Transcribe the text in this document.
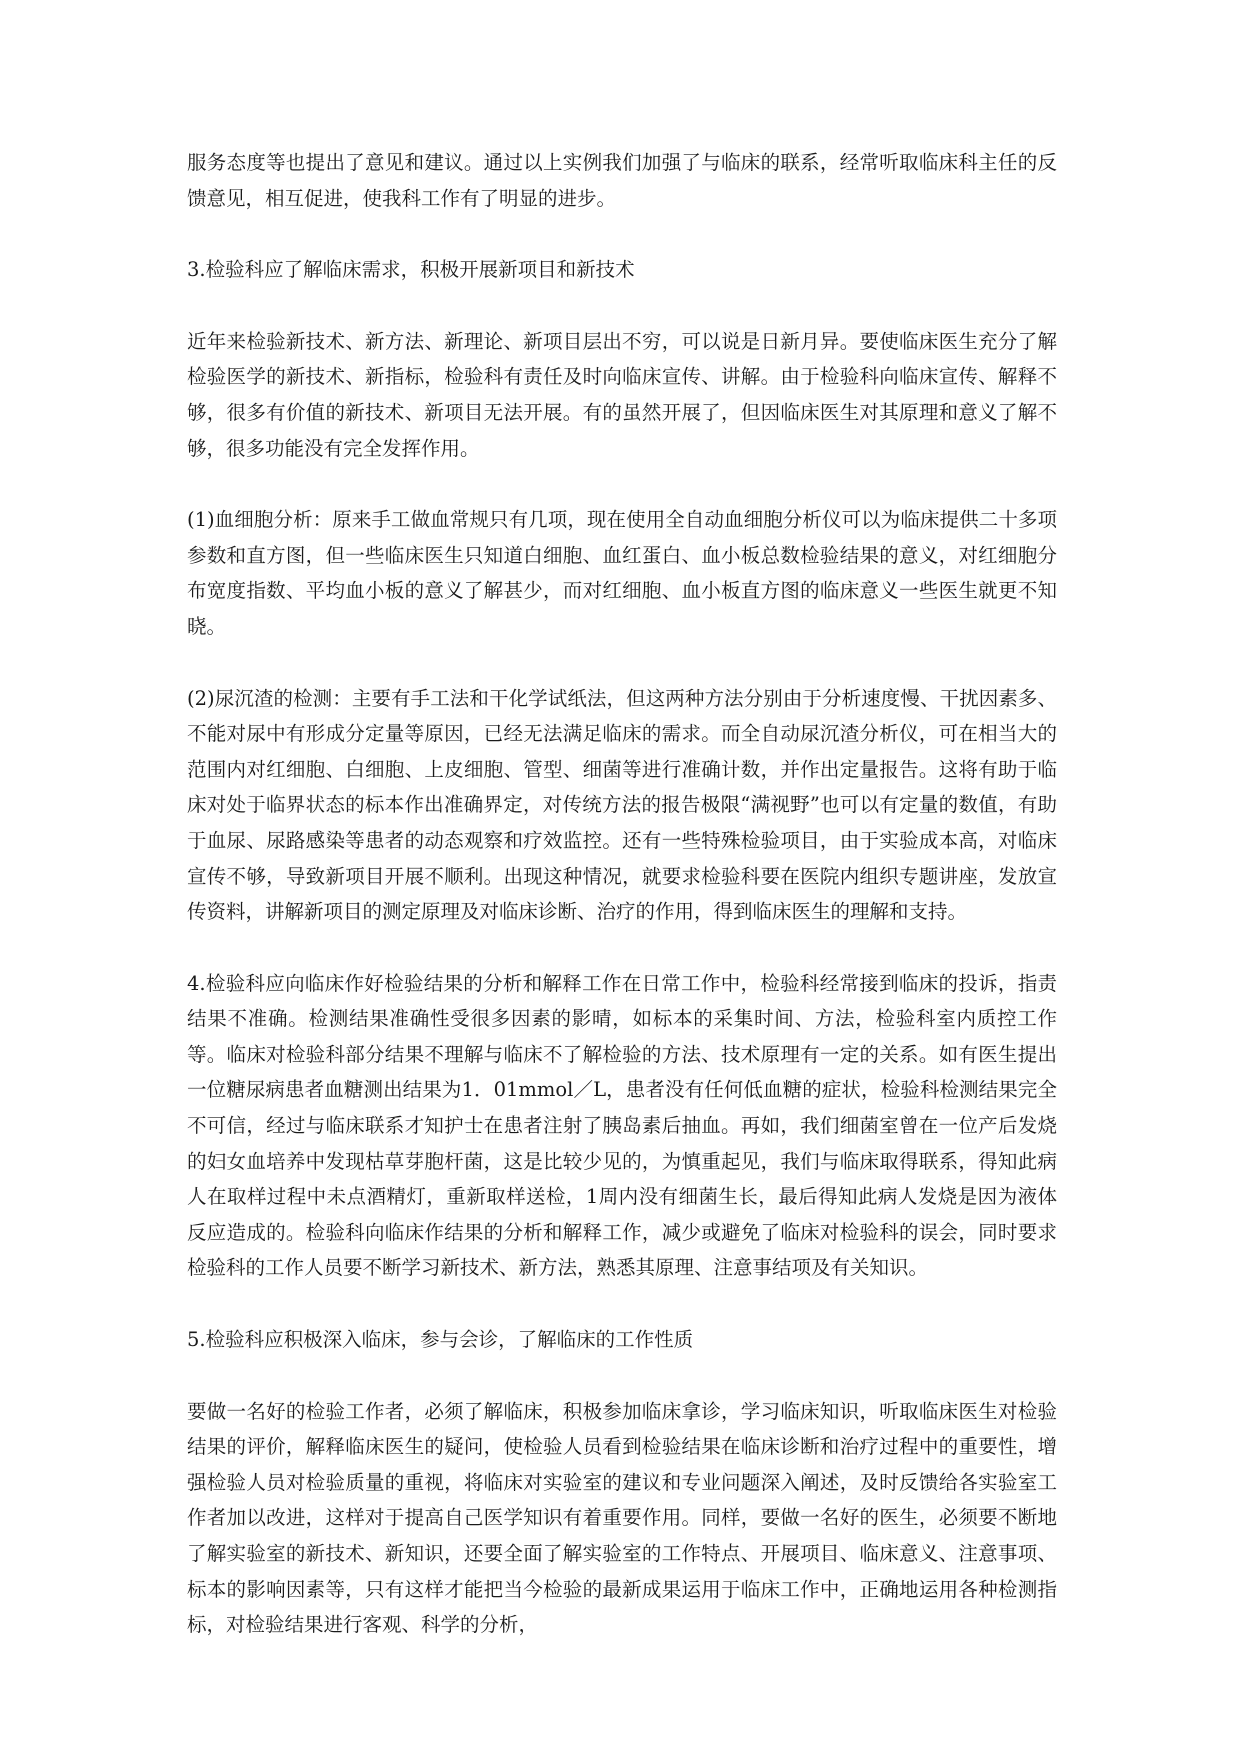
服务态度等也提出了意见和建议。通过以上实例我们加强了与临床的联系，经常听取临床科主任的反馈意见，相互促进，使我科工作有了明显的进步。

3.检验科应了解临床需求，积极开展新项目和新技术

近年来检验新技术、新方法、新理论、新项目层出不穷，可以说是日新月异。要使临床医生充分了解检验医学的新技术、新指标，检验科有责任及时向临床宣传、讲解。由于检验科向临床宣传、解释不够，很多有价值的新技术、新项目无法开展。有的虽然开展了，但因临床医生对其原理和意义了解不够，很多功能没有完全发挥作用。

(1)血细胞分析：原来手工做血常规只有几项，现在使用全自动血细胞分析仪可以为临床提供二十多项参数和直方图，但一些临床医生只知道白细胞、血红蛋白、血小板总数检验结果的意义，对红细胞分布宽度指数、平均血小板的意义了解甚少，而对红细胞、血小板直方图的临床意义一些医生就更不知晓。

(2)尿沉渣的检测：主要有手工法和干化学试纸法，但这两种方法分别由于分析速度慢、干扰因素多、不能对尿中有形成分定量等原因，已经无法满足临床的需求。而全自动尿沉渣分析仪，可在相当大的范围内对红细胞、白细胞、上皮细胞、管型、细菌等进行准确计数，并作出定量报告。这将有助于临床对处于临界状态的标本作出准确界定，对传统方法的报告极限“满视野”也可以有定量的数值，有助于血尿、尿路感染等患者的动态观察和疗效监控。还有一些特殊检验项目，由于实验成本高，对临床宣传不够，导致新项目开展不顺利。出现这种情况，就要求检验科要在医院内组织专题讲座，发放宣传资料，讲解新项目的测定原理及对临床诊断、治疗的作用，得到临床医生的理解和支持。

4.检验科应向临床作好检验结果的分析和解释工作在日常工作中，检验科经常接到临床的投诉，指责结果不准确。检测结果准确性受很多因素的影晴，如标本的采集时间、方法，检验科室内质控工作等。临床对检验科部分结果不理解与临床不了解检验的方法、技术原理有一定的关系。如有医生提出一位糖尿病患者血糖测出结果为1．01mmol／L，患者没有任何低血糖的症状，检验科检测结果完全不可信，经过与临床联系才知护士在患者注射了胰岛素后抽血。再如，我们细菌室曾在一位产后发烧的妇女血培养中发现枯草芽胞杆菌，这是比较少见的，为慎重起见，我们与临床取得联系，得知此病人在取样过程中未点酒精灯，重新取样送检，1周内没有细菌生长，最后得知此病人发烧是因为液体反应造成的。检验科向临床作结果的分析和解释工作，减少或避免了临床对检验科的误会，同时要求检验科的工作人员要不断学习新技术、新方法，熟悉其原理、注意事结项及有关知识。

5.检验科应积极深入临床，参与会诊，了解临床的工作性质

要做一名好的检验工作者，必须了解临床，积极参加临床拿诊，学习临床知识，听取临床医生对检验结果的评价，解释临床医生的疑问，使检验人员看到检验结果在临床诊断和治疗过程中的重要性，增强检验人员对检验质量的重视，将临床对实验室的建议和专业问题深入阐述，及时反馈给各实验室工作者加以改进，这样对于提高自己医学知识有着重要作用。同样，要做一名好的医生，必须要不断地了解实验室的新技术、新知识，还要全面了解实验室的工作特点、开展项目、临床意义、注意事项、标本的影响因素等，只有这样才能把当今检验的最新成果运用于临床工作中，正确地运用各种检测指标，对检验结果进行客观、科学的分析，
